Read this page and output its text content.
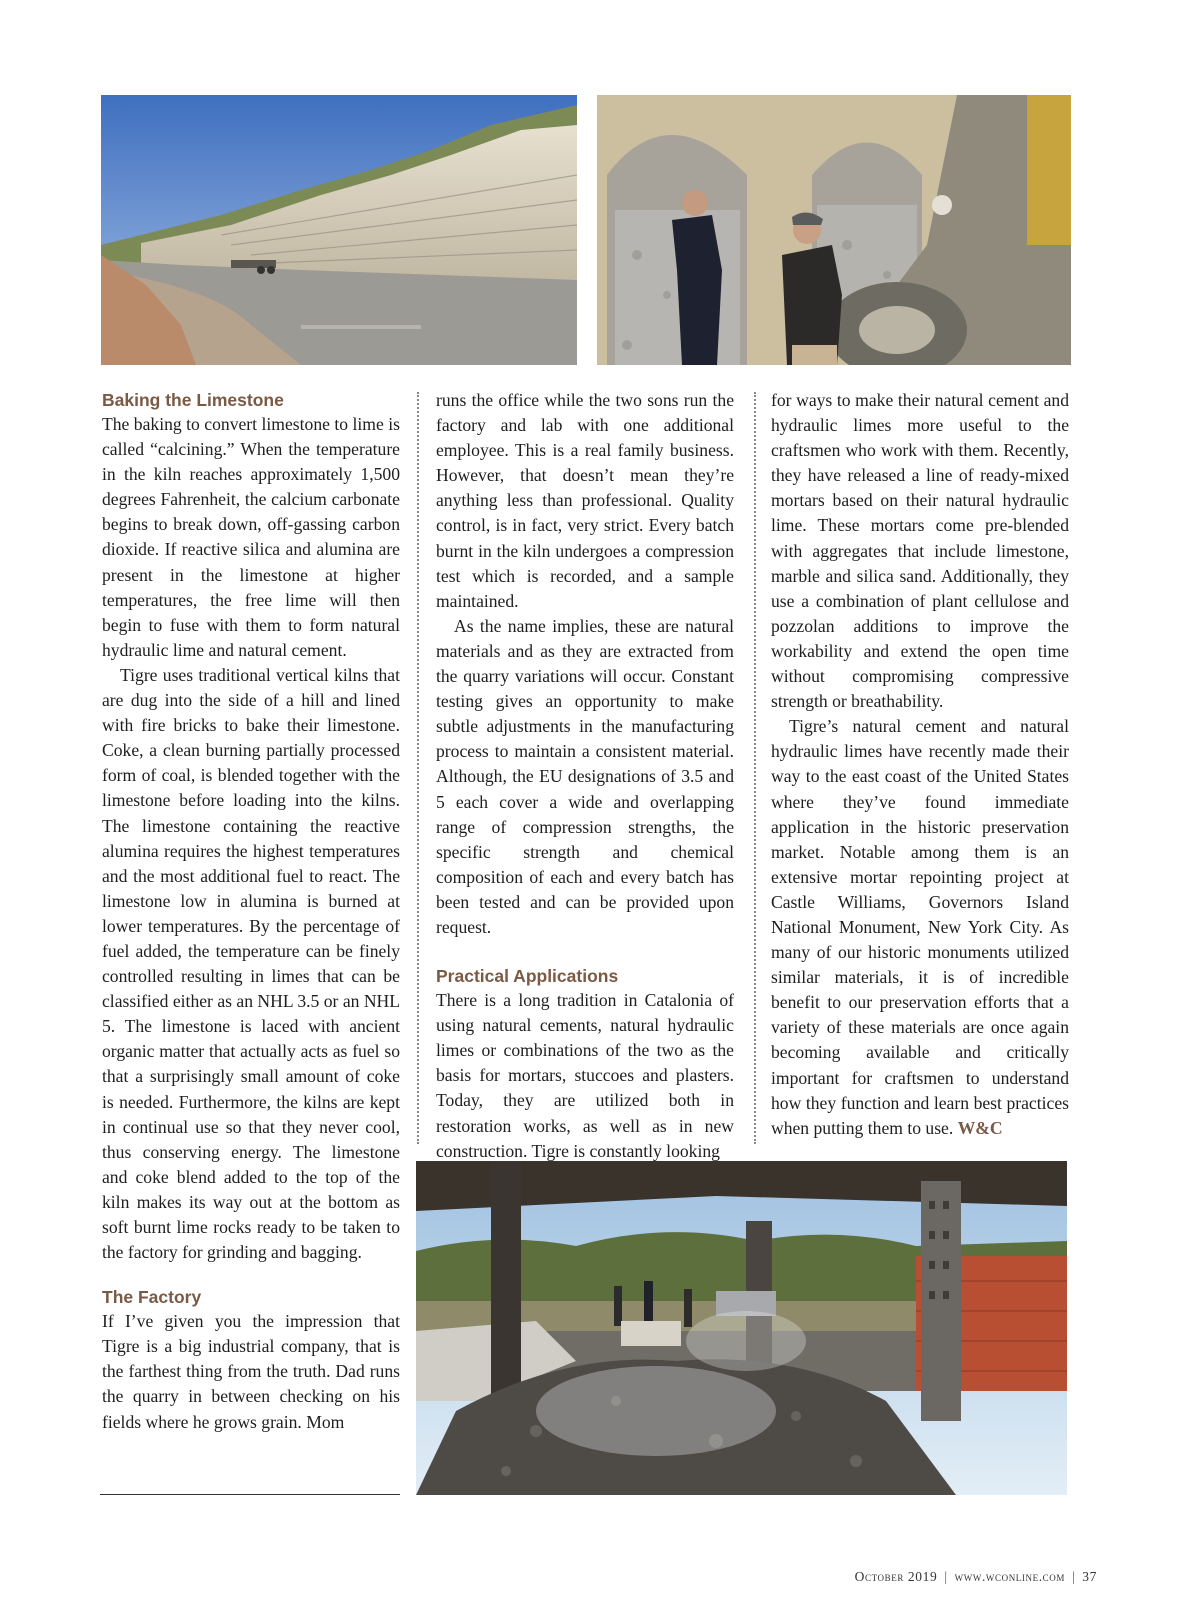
Baking the Limestone

The baking to convert limestone to lime is called “calcining.” When the temperature in the kiln reaches approximately 1,500 degrees Fahrenheit, the calcium carbonate begins to break down, off-gassing carbon dioxide. If reactive silica and alumina are present in the limestone at higher temperatures, the free lime will then begin to fuse with them to form natural hydraulic lime and natural cement.

Tigre uses traditional vertical kilns that are dug into the side of a hill and lined with fire bricks to bake their limestone. Coke, a clean burning partially processed form of coal, is blended together with the limestone before loading into the kilns. The limestone containing the reactive alumina requires the highest temperatures and the most additional fuel to react. The limestone low in alumina is burned at lower temperatures. By the percentage of fuel added, the temperature can be finely controlled resulting in limes that can be classified either as an NHL 3.5 or an NHL 5. The limestone is laced with ancient organic matter that actually acts as fuel so that a surprisingly small amount of coke is needed. Furthermore, the kilns are kept in continual use so that they never cool, thus conserving energy. The limestone and coke blend added to the top of the kiln makes its way out at the bottom as soft burnt lime rocks ready to be taken to the factory for grinding and bagging.

The Factory

If I’ve given you the impression that Tigre is a big industrial company, that is the farthest thing from the truth. Dad runs the quarry in between checking on his fields where he grows grain. Mom

runs the office while the two sons run the factory and lab with one additional employee. This is a real family business. However, that doesn’t mean they’re anything less than professional. Quality control, is in fact, very strict. Every batch burnt in the kiln undergoes a compression test which is recorded, and a sample maintained.

As the name implies, these are natural materials and as they are extracted from the quarry variations will occur. Constant testing gives an opportunity to make subtle adjustments in the manufacturing process to maintain a consistent material. Although, the EU designations of 3.5 and 5 each cover a wide and overlapping range of compression strengths, the specific strength and chemical composition of each and every batch has been tested and can be provided upon request.

Practical Applications

There is a long tradition in Catalonia of using natural cements, natural hydraulic limes or combinations of the two as the basis for mortars, stuccoes and plasters. Today, they are utilized both in restoration works, as well as in new construction. Tigre is constantly looking

for ways to make their natural cement and hydraulic limes more useful to the craftsmen who work with them. Recently, they have released a line of ready-mixed mortars based on their natural hydraulic lime. These mortars come pre-blended with aggregates that include limestone, marble and silica sand. Additionally, they use a combination of plant cellulose and pozzolan additions to improve the workability and extend the open time without compromising compressive strength or breathability.

Tigre’s natural cement and natural hydraulic limes have recently made their way to the east coast of the United States where they’ve found immediate application in the historic preservation market. Notable among them is an extensive mortar repointing project at Castle Williams, Governors Island National Monument, New York City. As many of our historic monuments utilized similar materials, it is of incredible benefit to our preservation efforts that a variety of these materials are once again becoming available and critically important for craftsmen to understand how they function and learn best practices when putting them to use. W&C

October 2019 | www.wconline.com | 37
